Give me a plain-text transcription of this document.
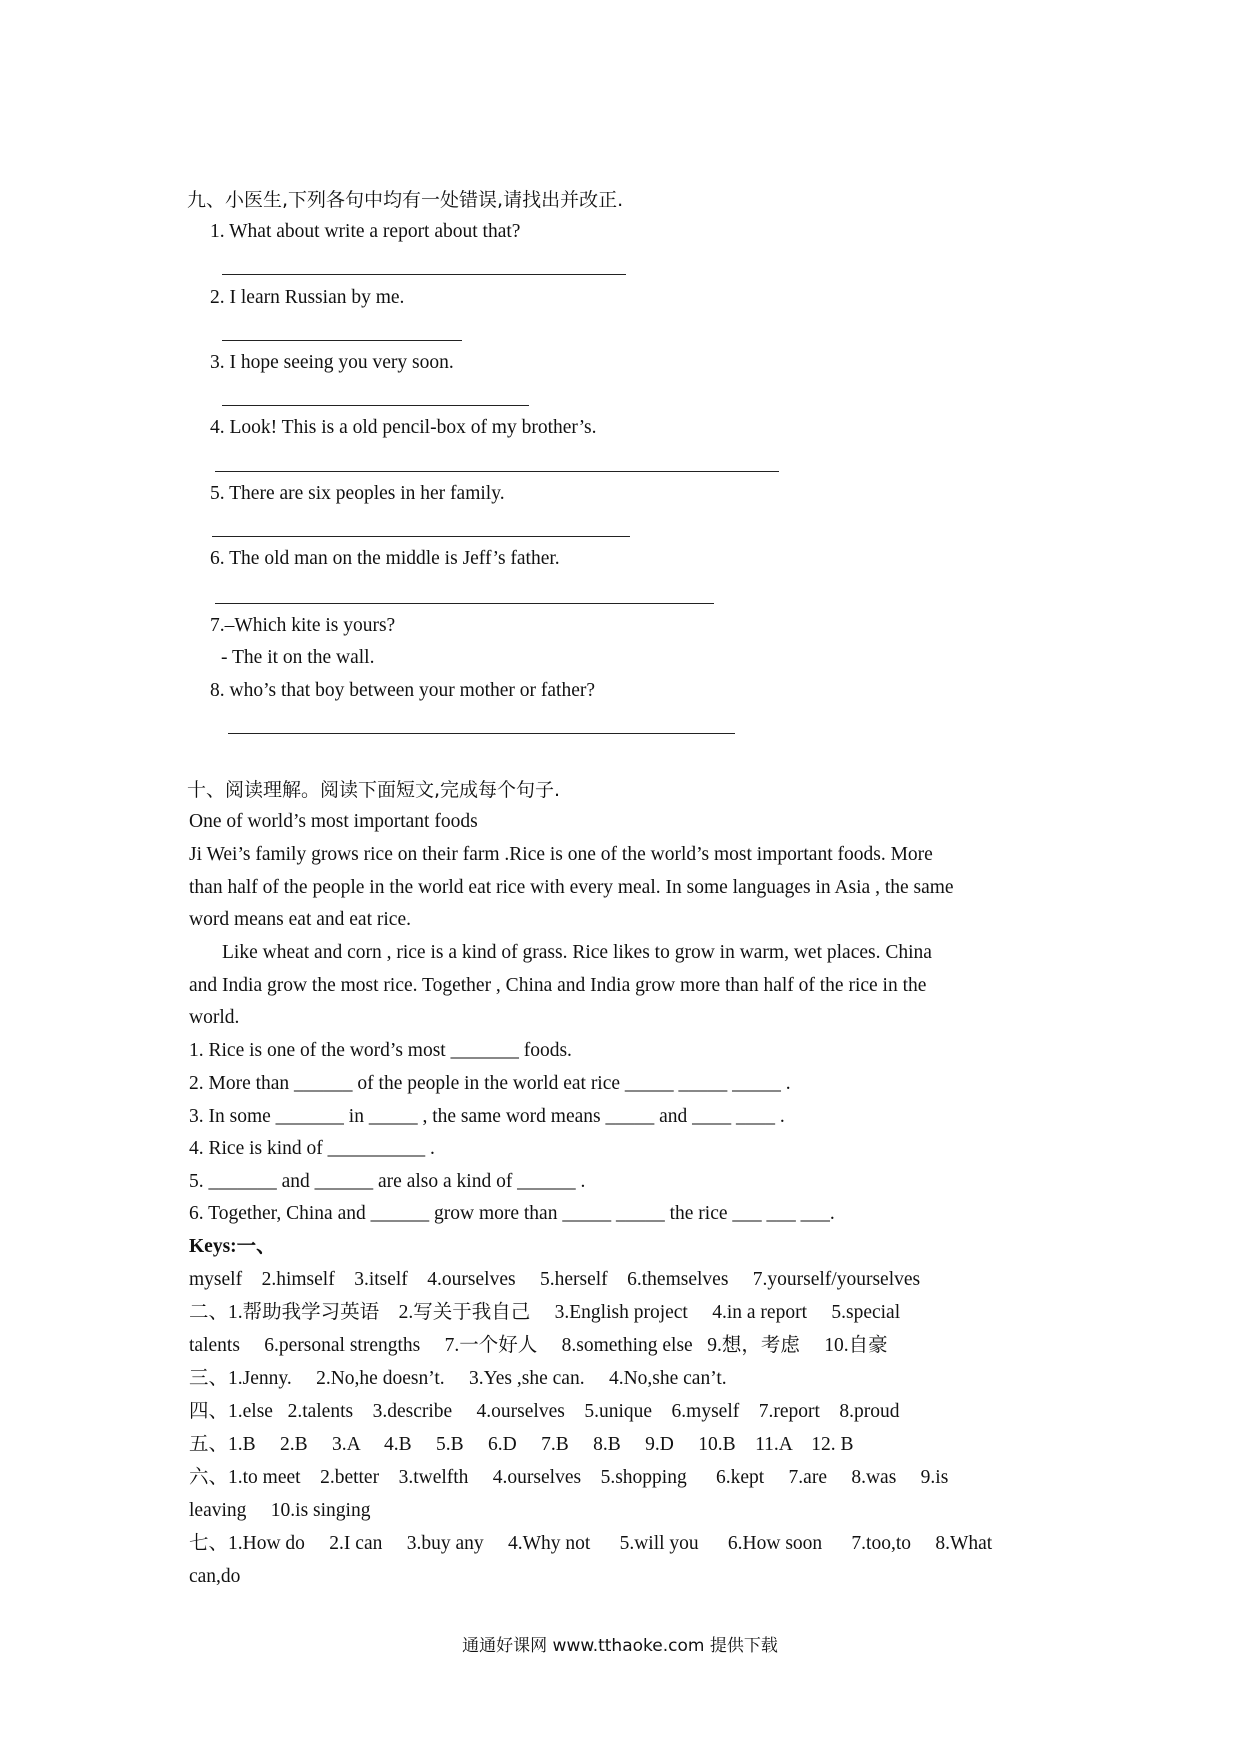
九、小医生,下列各句中均有一处错误,请找出并改正.
1. What about write a report about that?
2. I learn Russian by me.
3. I hope seeing you very soon.
4. Look! This is a old pencil-box of my brother’s.
5. There are six peoples in her family.
6. The old man on the middle is Jeff’s father.
7.–Which kite is yours?
- The it on the wall.
8. who’s that boy between your mother or father?
十、阅读理解。阅读下面短文,完成每个句子.
One of world’s most important foods
Ji Wei’s family grows rice on their farm .Rice is one of the world’s most important foods. More
than half of the people in the world eat rice with every meal. In some languages in Asia , the same
word means eat and eat rice.
Like wheat and corn , rice is a kind of grass. Rice likes to grow in warm, wet places. China
and India grow the most rice. Together , China and India grow more than half of the rice in the
world.
1. Rice is one of the word’s most _______ foods.
2. More than ______ of the people in the world eat rice _____ _____ _____ .
3. In some _______ in _____ , the same word means _____ and ____ ____ .
4. Rice is kind of __________ .
5. _______ and ______ are also a kind of ______ .
6. Together, China and ______ grow more than _____ _____ the rice ___ ___ ___.
Keys:一、
myself    2.himself    3.itself    4.ourselves     5.herself    6.themselves     7.yourself/yourselves
二、1.帮助我学习英语    2.写关于我自己     3.English project     4.in a report     5.special
talents     6.personal strengths     7.一个好人     8.something else   9.想，考虑     10.自豪
三、1.Jenny.     2.No,he doesn’t.     3.Yes ,she can.     4.No,she can’t.
四、1.else   2.talents    3.describe     4.ourselves    5.unique    6.myself    7.report    8.proud
五、1.B     2.B     3.A     4.B     5.B     6.D     7.B     8.B     9.D     10.B    11.A    12. B
六、1.to meet    2.better    3.twelfth     4.ourselves    5.shopping      6.kept     7.are     8.was     9.is
leaving     10.is singing
七、1.How do     2.I can     3.buy any     4.Why not      5.will you      6.How soon      7.too,to     8.What
can,do
通通好课网 www.tthaoke.com 提供下载
